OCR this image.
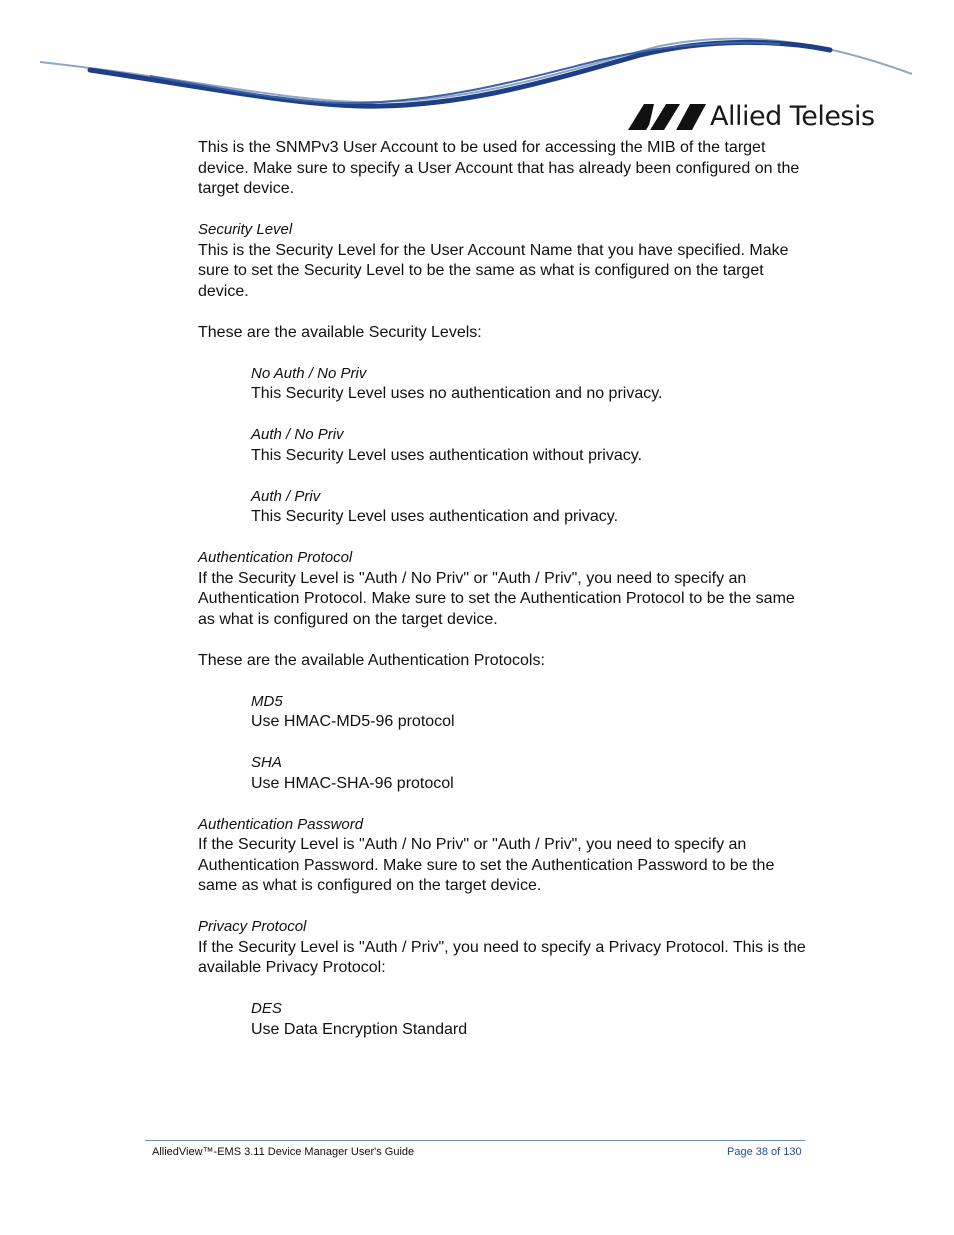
Allied Telesis

This is the SNMPv3 User Account to be used for accessing the MIB of the target device. Make sure to specify a User Account that has already been configured on the target device.

Security Level

This is the Security Level for the User Account Name that you have specified. Make sure to set the Security Level to be the same as what is configured on the target device.

These are the available Security Levels:

No Auth / No Priv

This Security Level uses no authentication and no privacy.

Auth / No Priv

This Security Level uses authentication without privacy.

Auth / Priv

This Security Level uses authentication and privacy.

Authentication Protocol

If the Security Level is "Auth / No Priv" or "Auth / Priv", you need to specify an Authentication Protocol. Make sure to set the Authentication Protocol to be the same as what is configured on the target device.

These are the available Authentication Protocols:

MD5

Use HMAC-MD5-96 protocol

SHA

Use HMAC-SHA-96 protocol

Authentication Password

If the Security Level is "Auth / No Priv" or "Auth / Priv", you need to specify an Authentication Password. Make sure to set the Authentication Password to be the same as what is configured on the target device.

Privacy Protocol

If the Security Level is "Auth / Priv", you need to specify a Privacy Protocol. This is the available Privacy Protocol:

DES

Use Data Encryption Standard

AlliedView™-EMS 3.11 Device Manager User's Guide	Page 38 of 130
